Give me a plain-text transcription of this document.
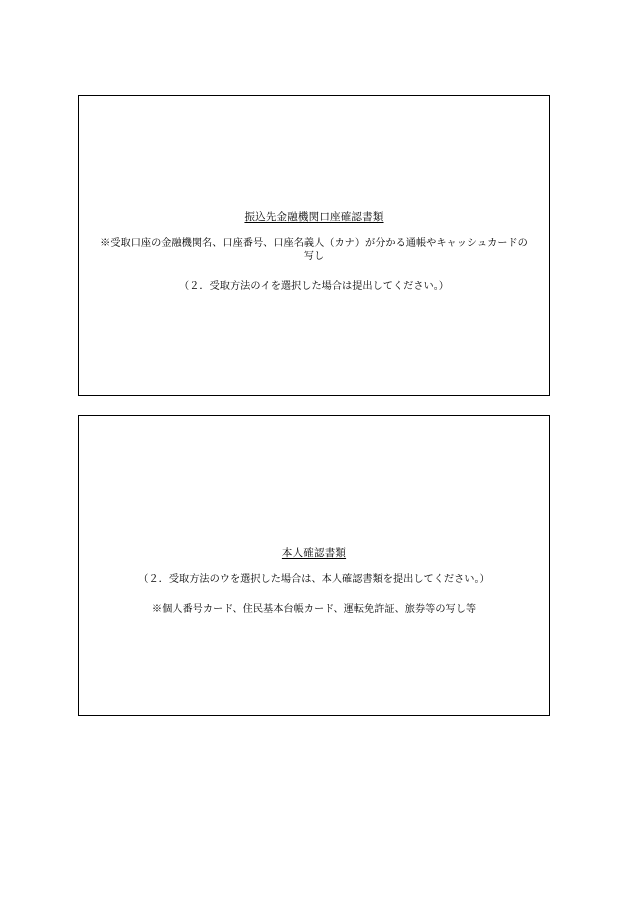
振込先金融機関口座確認書類
※受取口座の金融機関名、口座番号、口座名義人（カナ）が分かる通帳やキャッシュカードの
写し
（２．受取方法のイを選択した場合は提出してください。）
本人確認書類
（２．受取方法のウを選択した場合は、本人確認書類を提出してください。）
※個人番号カード、住民基本台帳カード、運転免許証、旅券等の写し等
